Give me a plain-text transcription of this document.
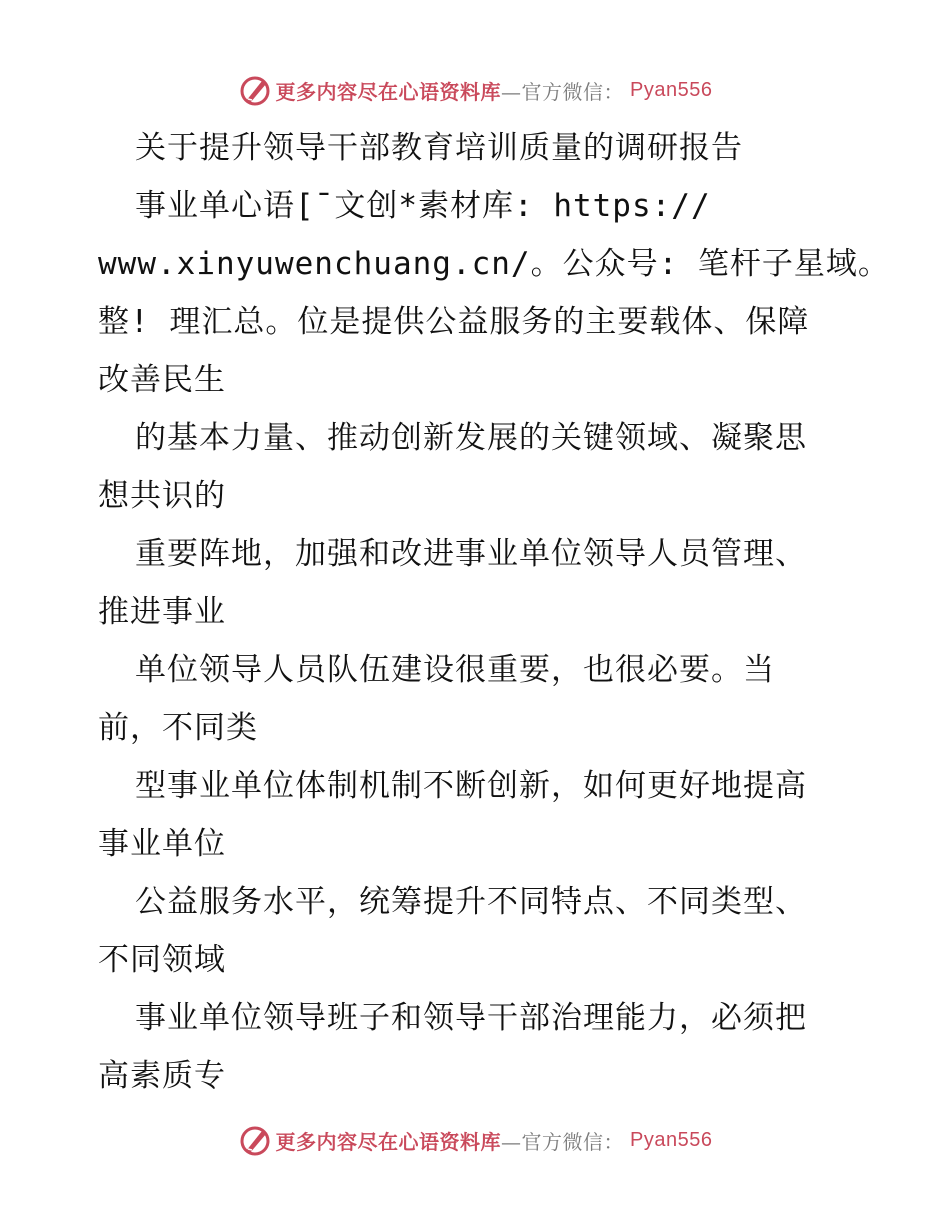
更多内容尽在心语资料库 —官方微信： Pyan556
关于提升领导干部教育培训质量的调研报告
事业单心语[¯文创*素材库: https://
www.xinyuwenchuang.cn/。公众号: 笔杆子星域。
整! 理汇总。位是提供公益服务的主要载体、保障
改善民生
的基本力量、推动创新发展的关键领域、凝聚思
想共识的
重要阵地，加强和改进事业单位领导人员管理、
推进事业
单位领导人员队伍建设很重要，也很必要。当
前，不同类
型事业单位体制机制不断创新，如何更好地提高
事业单位
公益服务水平，统筹提升不同特点、不同类型、
不同领域
事业单位领导班子和领导干部治理能力，必须把
高素质专
更多内容尽在心语资料库 —官方微信： Pyan556
